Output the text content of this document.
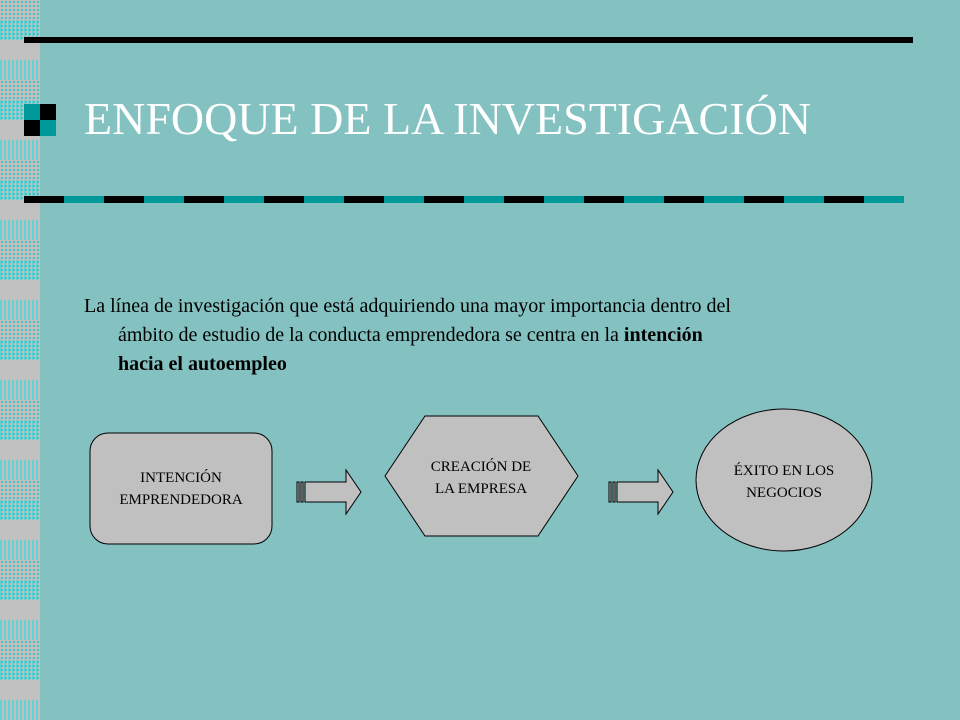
ENFOQUE DE LA INVESTIGACIÓN
La línea de investigación que está adquiriendo una mayor importancia dentro del
ámbito de estudio de la conducta emprendedora se centra en la intención
hacia el autoempleo
INTENCIÓN
EMPRENDEDORA
CREACIÓN DE
LA EMPRESA
ÉXITO EN LOS
NEGOCIOS
